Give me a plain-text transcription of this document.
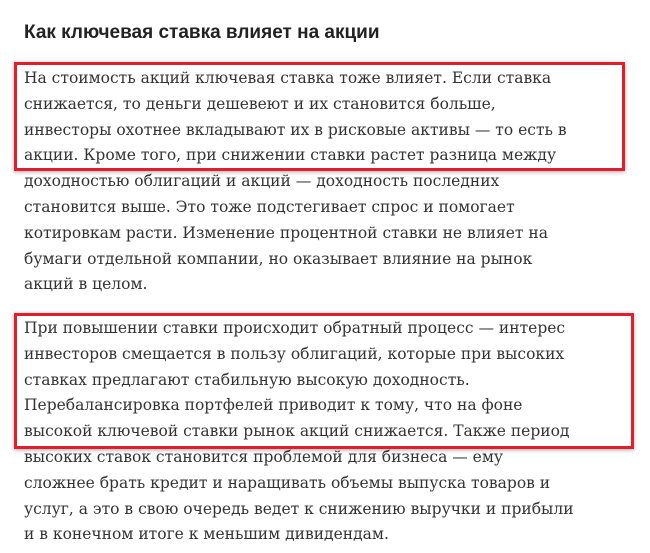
Как ключевая ставка влияет на акции

На стоимость акций ключевая ставка тоже влияет. Если ставка
снижается, то деньги дешевеют и их становится больше,
инвесторы охотнее вкладывают их в рисковые активы — то есть в
акции. Кроме того, при снижении ставки растет разница между
доходностью облигаций и акций — доходность последних
становится выше. Это тоже подстегивает спрос и помогает
котировкам расти. Изменение процентной ставки не влияет на
бумаги отдельной компании, но оказывает влияние на рынок
акций в целом.

При повышении ставки происходит обратный процесс — интерес
инвесторов смещается в пользу облигаций, которые при высоких
ставках предлагают стабильную высокую доходность.
Перебалансировка портфелей приводит к тому, что на фоне
высокой ключевой ставки рынок акций снижается. Также период
высоких ставок становится проблемой для бизнеса — ему
сложнее брать кредит и наращивать объемы выпуска товаров и
услуг, а это в свою очередь ведет к снижению выручки и прибыли
и в конечном итоге к меньшим дивидендам.
